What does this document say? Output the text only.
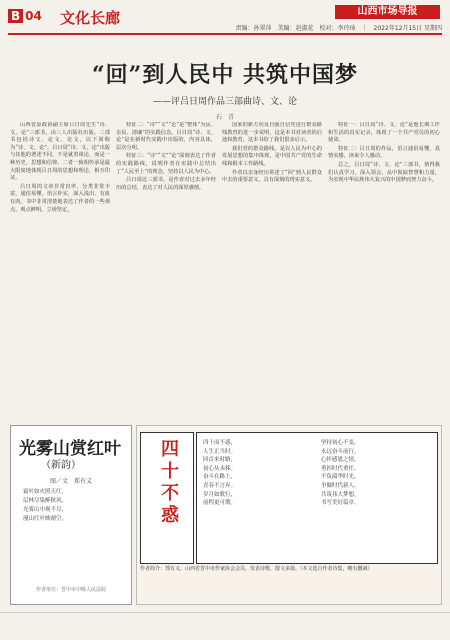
B 04 文化长廊	山西市场导报
责编：孙翠萍　美编：赵淑花　校对：李玲琦　｜　2022年12月15日 星期四
“回”到人民中 共筑中国梦
——评吕日周作品三部曲诗、文、论
石　青

山西省原政协副主席吕日周先生“诗、文、论”三部书，由三人出版社出版。三部书包括诗文、论文、论文，以下简称为“诗、文、论”。吕日周“诗、文、论”出版与其他的著述不同，不是就着谈论，而是一种历史、思想和信仰。二者一致相传承是最大限度地体现吕日周的思想和理论，相互印证。

吕日周的文章非常直率，分类非常丰富，通俗易懂，语言朴实，深入浅出、有血有肉。书中非常清楚地表达了作者的一些观点，观点鲜明，立场坚定。

特征二：“诗”“文”“论”是“整体”为民、亲民、清廉”的实践信念。吕日周“诗、文、论”是在新时代实践中出版的，内容具体，层次分明。

特征三：“诗”“文”“论”深刻表达了作者的实践路线，说明作者在实践中总结出了“人民至上”的理念，坚持以人民为中心。

吕日周这三部书，是作者对过去多年经历的总结，表达了对人民的深厚感情。

国家的新方向及自强自信党进行群众路线教育的进一步说明，这是本书对读者的启迪和教育，这本书给了我们很多启示。

我们党的群众路线，是以人民为中心的发展思想的集中体现，是中国共产党的生命线和根本工作路线。

作者以亲身经历讲述了“回”到人民群众中去的重要意义，具有深刻的现实意义。

特征一：吕日周“诗、文、论”是他长期工作和生活的真实记录，体现了一个共产党员的初心使命。

特征二：吕日周的作品，语言通俗易懂，真情实感，读来令人感动。

总之，吕日周“诗、文、论”三部书，值得我们认真学习，深入领会，从中汲取智慧和力量，为实现中华民族伟大复兴的中国梦而努力奋斗。

光雾山赏红叶
（新韵）
图／文　郑有义
霜叶如火照天红，
层林尽染醉秋风。
光雾山中观不尽，
漫山红叶映晴空。
作者单位：晋中市中级人民法院
四十不惑
四十而不惑，
人生正当时。
回首来时路，
初心从未移。
奋斗在路上，
青春不言弃。
岁月如歌行，
前程更可期。
坚持初心不变，
永远奋斗前行。
心怀感恩之情，
勇担时代重任。
不负韶华时光，
争做时代新人。
共筑伟大梦想，
书写美好篇章。
作者简介：郑有义，山西省晋中市作家协会会员，发表诗歌、散文多篇。（本文选自作者诗集，略有删减）
